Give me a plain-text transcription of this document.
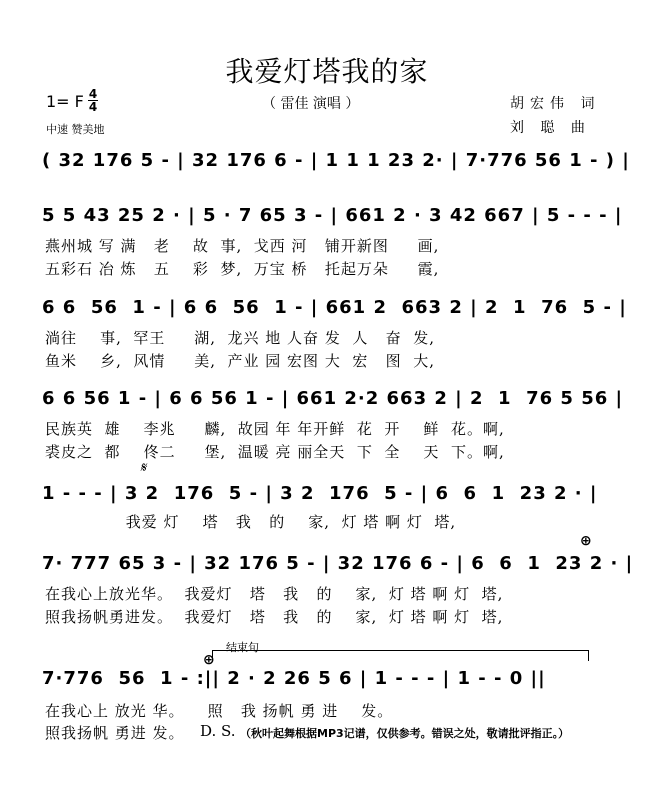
我爱灯塔我的家
（ 雷佳 演唱 ）
1= F 4
4
中速 赞美地
胡宏伟 词
刘 聪 曲
( 32 176 5 - | 32 176 6 - | 1 1 1 23 2· | 7·776 56 1 - ) |
5 5 43 25 2 · | 5 · 7 65 3 - | 661 2 · 3 42 667 | 5 - - - |
燕州城 写 满   老    故  事,  戈西 河   铺开新图     画,
五彩石 冶 炼   五    彩  梦,  万宝 桥   托起万朵     霞,
6 6  56  1 - | 6 6  56  1 - | 661 2  663 2 | 2  1  76  5 - |
淌往    事,  罕王     湖,  龙兴 地 人奋 发  人   奋  发,
鱼米    乡,  风情     美,  产业 园 宏图 大  宏   图  大,
6 6 56 1 - | 6 6 56 1 - | 661 2·2 663 2 | 2  1  76 5 56 |
民族英  雄    李兆     麟,  故园 年 年开鲜  花  开    鲜  花。啊,
裘皮之  都    佟二     堡,  温暖 亮 丽全天  下  全    天  下。啊,
𝄋
1 - - - | 3 2  176  5 - | 3 2  176  5 - | 6  6  1  23 2 · |
我爱 灯    塔   我   的    家,  灯 塔 啊 灯  塔,
⊕
7· 777 65 3 - | 32 176 5 - | 32 176 6 - | 6  6  1  23 2 · |
在我心上放光华。  我爱灯   塔   我   的    家,  灯 塔 啊 灯  塔,
照我扬帆勇进发。  我爱灯   塔   我   的    家,  灯 塔 啊 灯  塔,
结束句
⊕
7·776  56  1 - :|| 2 · 2 26 5 6 | 1 - - - | 1 - - 0 ||
在我心上 放光 华。    照   我 扬帆 勇 进    发。
照我扬帆 勇进 发。 D. S. （秋叶起舞根据MP3记谱，仅供参考。错误之处，敬请批评指正。）
